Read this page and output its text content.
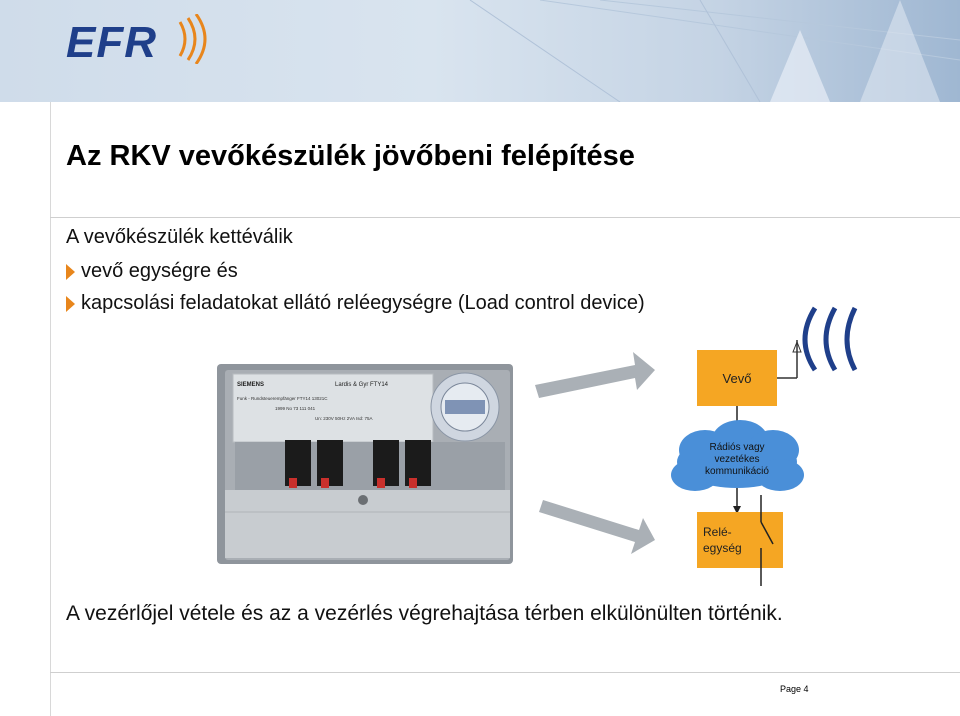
EFR
Az RKV vevőkészülék jövőbeni felépítése
A vevőkészülék kettéválik
vevő egységre és
kapcsolási feladatokat ellátó reléegységre (Load control device)
SIEMENS	Lardis & Gyr FTY14
Funk - Rundsteuerempfänger FTY14 13021C
1999 No 73 111 041
Un: 230V 50Hz 2VA Isd: 75A
Vevő
Rádiós vagy
vezetékes
kommunikáció
Relé-
egység
A vezérlőjel vétele és az a vezérlés végrehajtása térben elkülönülten történik.
Page 4
